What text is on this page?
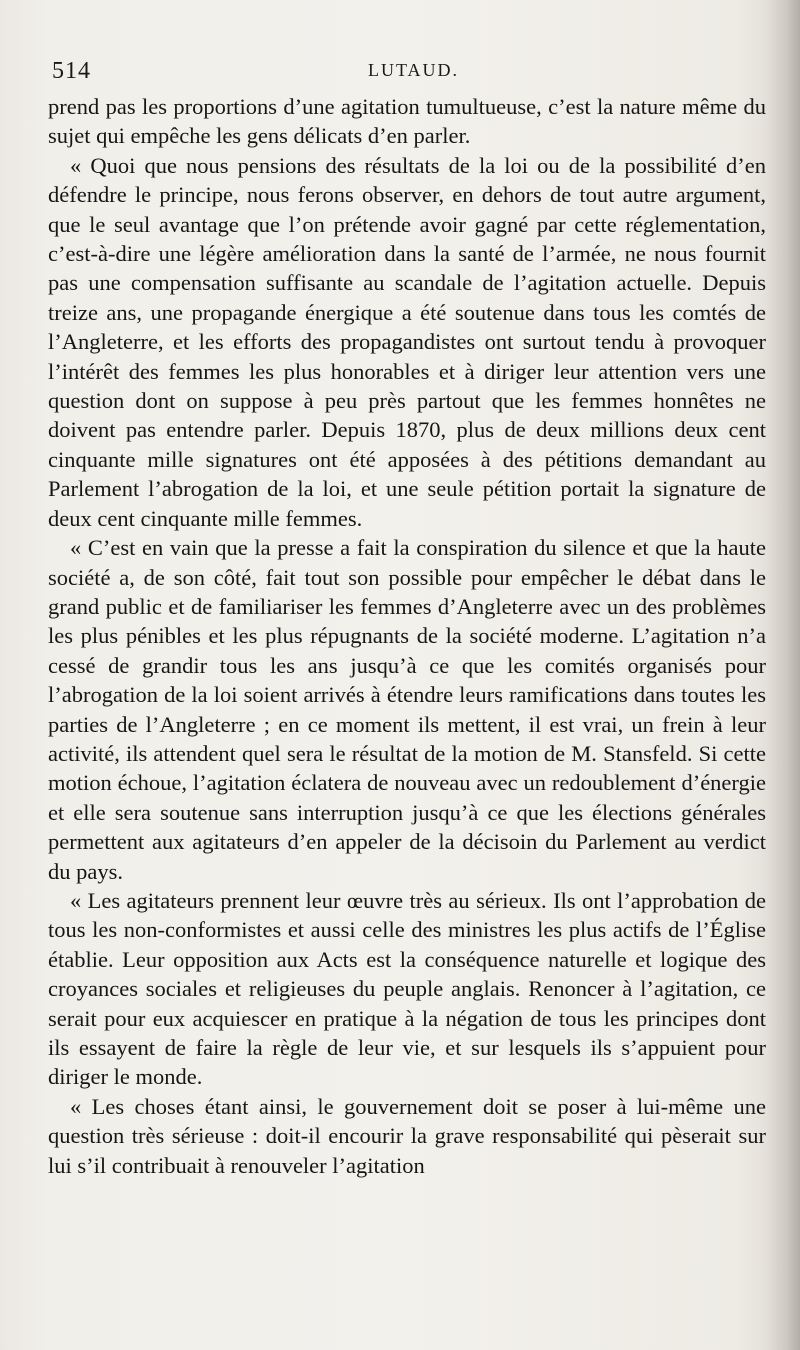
514	LUTAUD.

prend pas les proportions d’une agitation tumultueuse, c’est la nature même du sujet qui empêche les gens délicats d’en parler.

« Quoi que nous pensions des résultats de la loi ou de la possibilité d’en défendre le principe, nous ferons observer, en dehors de tout autre argument, que le seul avantage que l’on prétende avoir gagné par cette réglementation, c’est-à-dire une légère amélioration dans la santé de l’armée, ne nous fournit pas une compensation suffisante au scandale de l’agitation actuelle. Depuis treize ans, une propagande énergique a été soutenue dans tous les comtés de l’Angleterre, et les efforts des propagandistes ont surtout tendu à provoquer l’intérêt des femmes les plus honorables et à diriger leur attention vers une question dont on suppose à peu près partout que les femmes honnêtes ne doivent pas entendre parler. Depuis 1870, plus de deux millions deux cent cinquante mille signatures ont été apposées à des pétitions demandant au Parlement l’abrogation de la loi, et une seule pétition portait la signature de deux cent cinquante mille femmes.

« C’est en vain que la presse a fait la conspiration du silence et que la haute société a, de son côté, fait tout son possible pour empêcher le débat dans le grand public et de familiariser les femmes d’Angleterre avec un des problèmes les plus pénibles et les plus répugnants de la société moderne. L’agitation n’a cessé de grandir tous les ans jusqu’à ce que les comités organisés pour l’abrogation de la loi soient arrivés à étendre leurs ramifications dans toutes les parties de l’Angleterre ; en ce moment ils mettent, il est vrai, un frein à leur activité, ils attendent quel sera le résultat de la motion de M. Stansfeld. Si cette motion échoue, l’agitation éclatera de nouveau avec un redoublement d’énergie et elle sera soutenue sans interruption jusqu’à ce que les élections générales permettent aux agitateurs d’en appeler de la décisoin du Parlement au verdict du pays.

« Les agitateurs prennent leur œuvre très au sérieux. Ils ont l’approbation de tous les non-conformistes et aussi celle des ministres les plus actifs de l’Église établie. Leur opposition aux Acts est la conséquence naturelle et logique des croyances sociales et religieuses du peuple anglais. Renoncer à l’agitation, ce serait pour eux acquiescer en pratique à la négation de tous les principes dont ils essayent de faire la règle de leur vie, et sur lesquels ils s’appuient pour diriger le monde.

« Les choses étant ainsi, le gouvernement doit se poser à lui-même une question très sérieuse : doit-il encourir la grave responsabilité qui pèserait sur lui s’il contribuait à renouveler l’agitation
